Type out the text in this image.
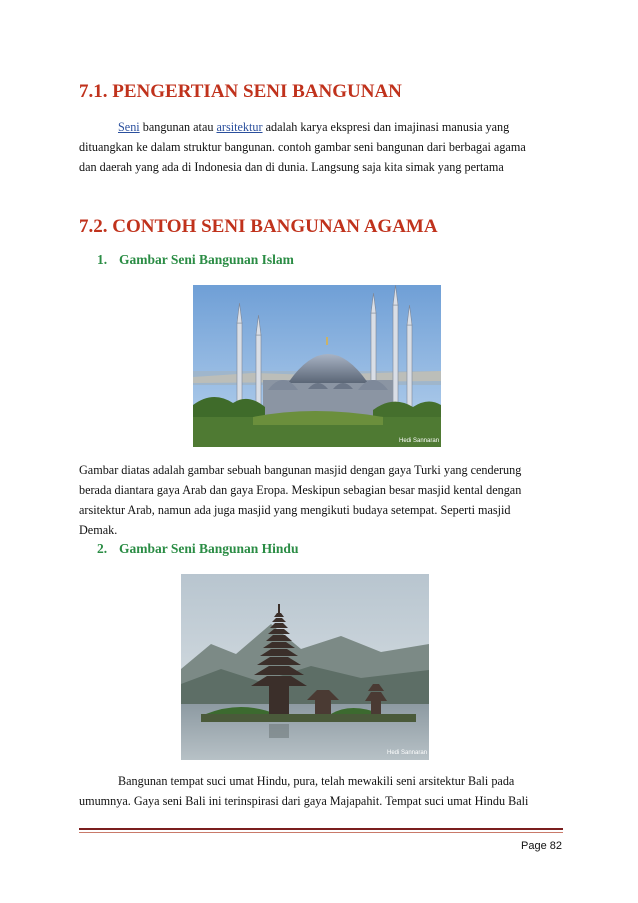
7.1. PENGERTIAN SENI BANGUNAN

Seni bangunan atau arsitektur adalah karya ekspresi dan imajinasi manusia yang
dituangkan ke dalam struktur bangunan. contoh gambar seni bangunan dari berbagai agama
dan daerah yang ada di Indonesia dan di dunia. Langsung saja kita simak yang pertama

7.2. CONTOH SENI BANGUNAN AGAMA
1. Gambar Seni Bangunan Islam
Hedi Sannaran

Gambar diatas adalah gambar sebuah bangunan masjid dengan gaya Turki yang cenderung
berada diantara gaya Arab dan gaya Eropa. Meskipun sebagian besar masjid kental dengan
arsitektur Arab, namun ada juga masjid yang mengikuti budaya setempat. Seperti masjid
Demak.

2. Gambar Seni Bangunan Hindu
Hedi Sannaran

Bangunan tempat suci umat Hindu, pura, telah mewakili seni arsitektur Bali pada
umumnya. Gaya seni Bali ini terinspirasi dari gaya Majapahit. Tempat suci umat Hindu Bali

Page 82
